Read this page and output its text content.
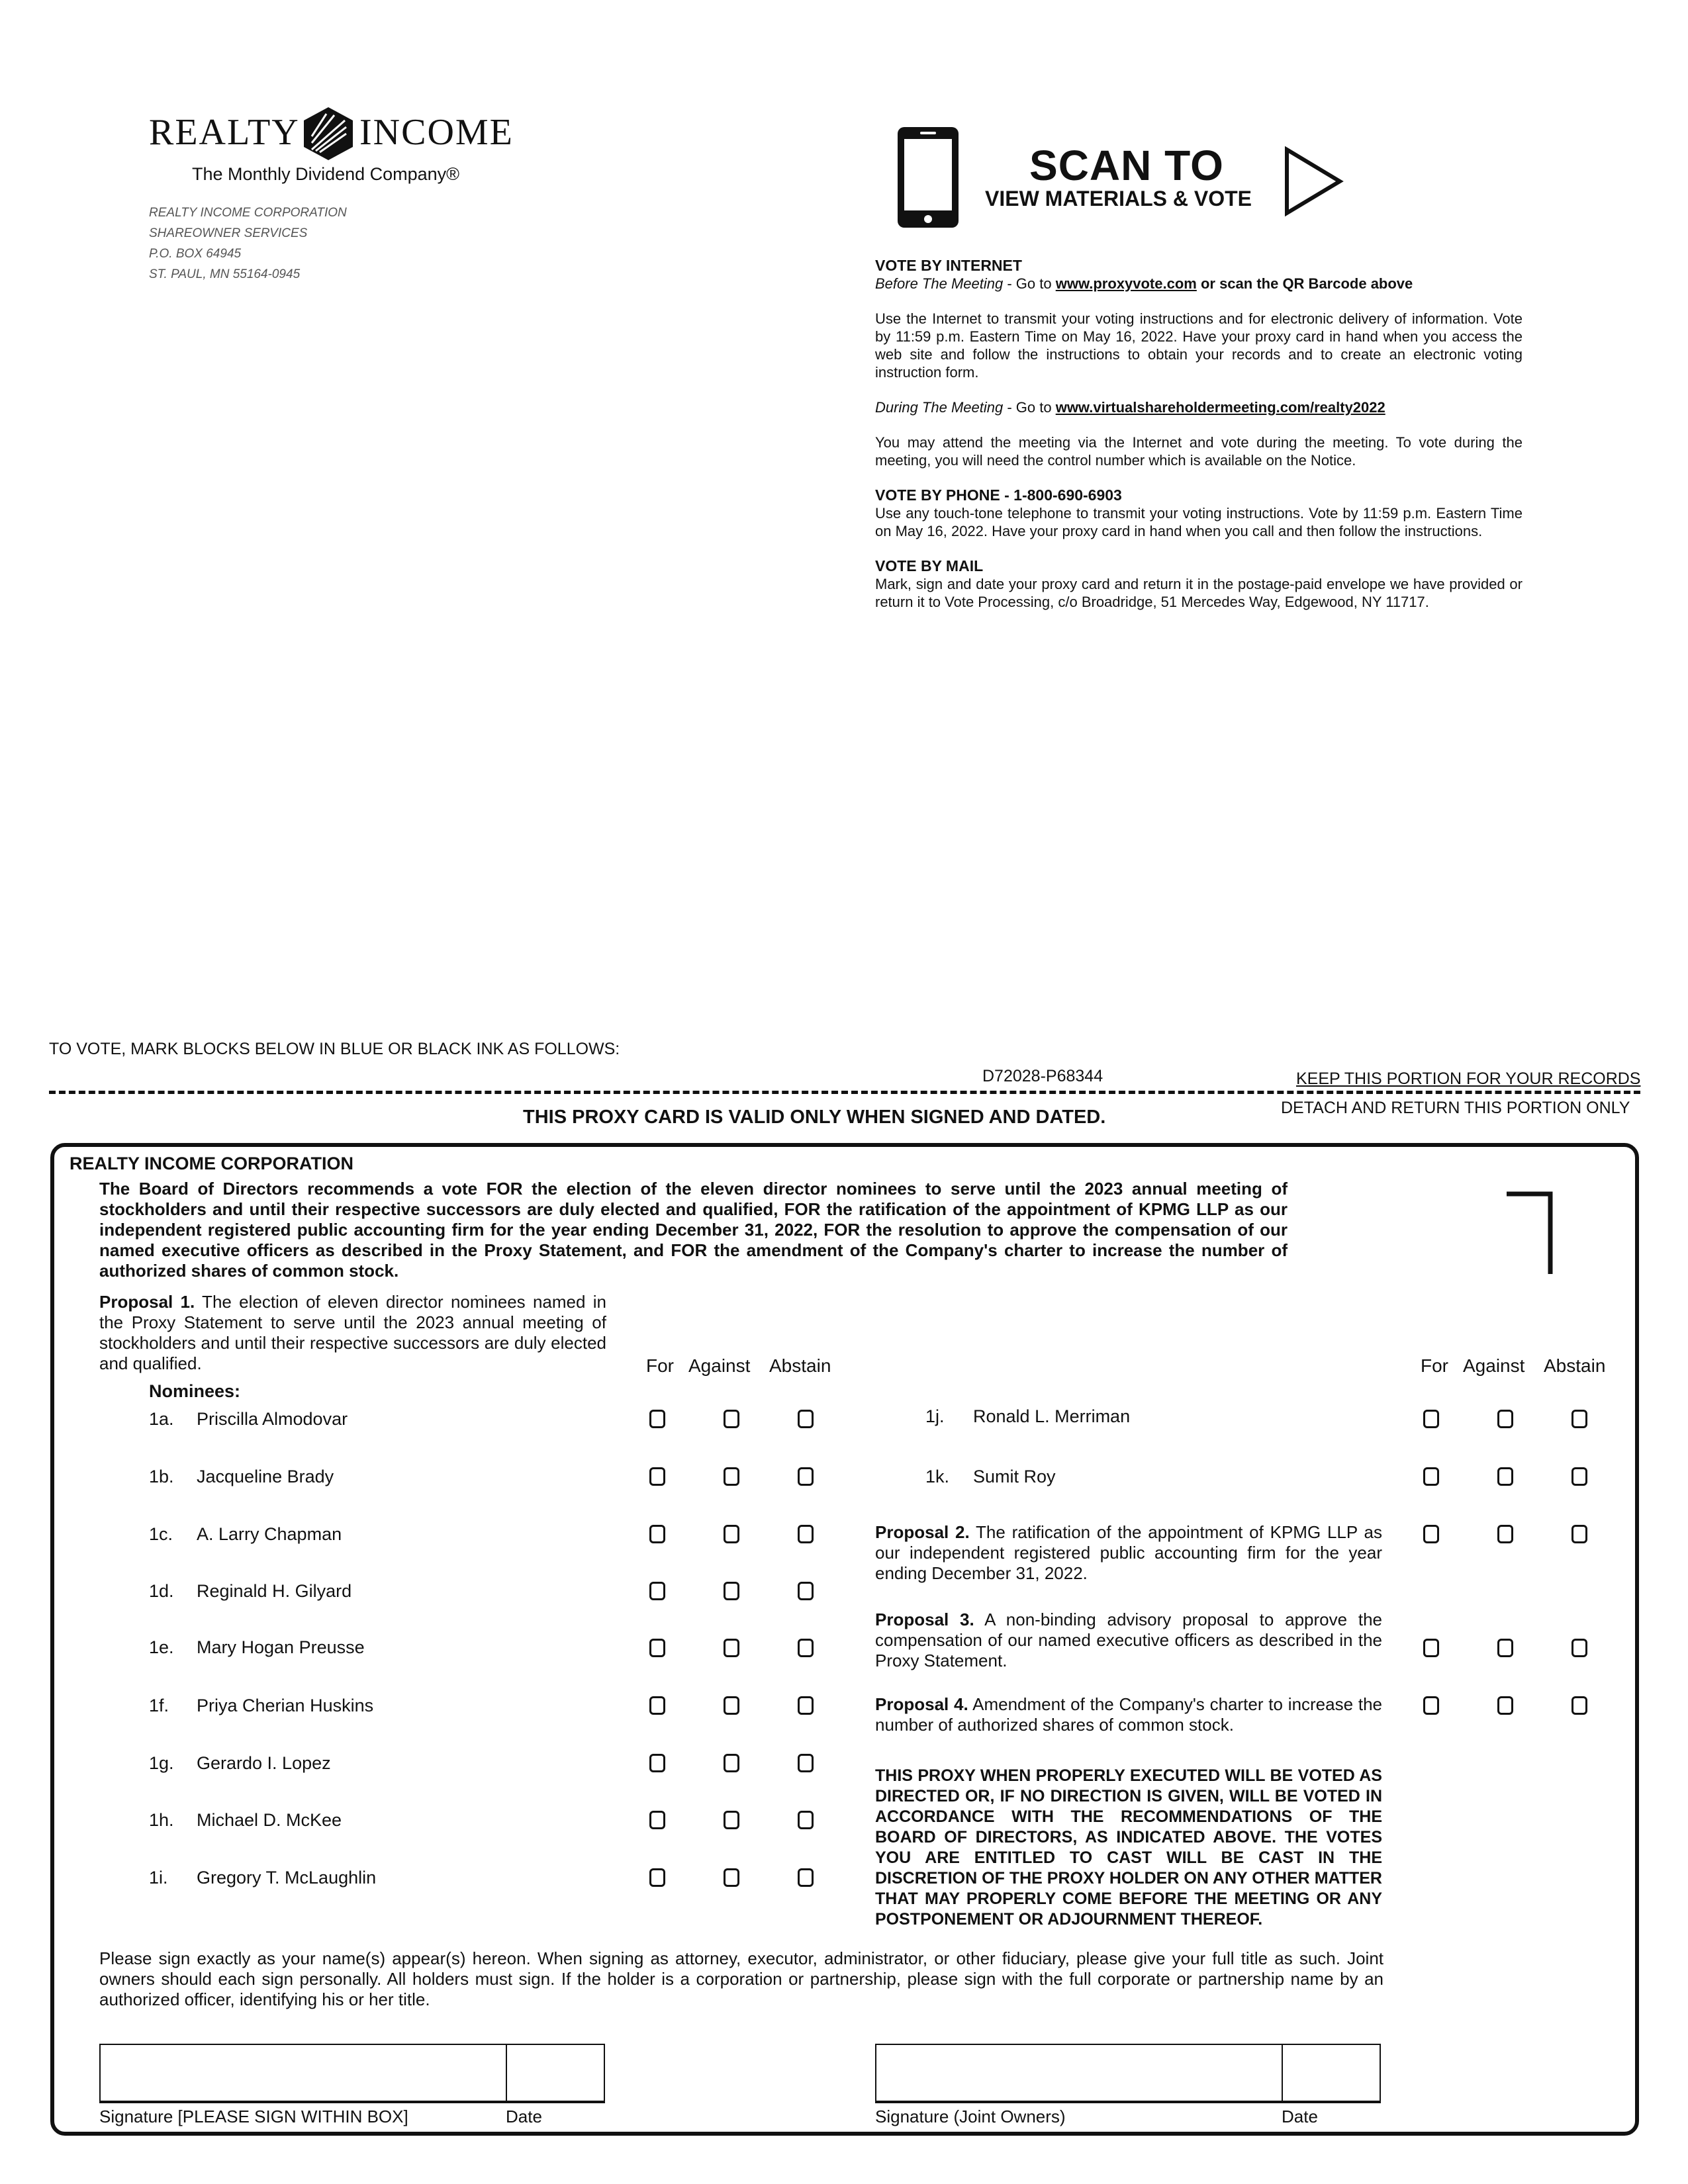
REALTY INCOME
The Monthly Dividend Company®
REALTY INCOME CORPORATION
SHAREOWNER SERVICES
P.O. BOX 64945
ST. PAUL, MN 55164-0945
SCAN TO
VIEW MATERIALS & VOTE
VOTE BY INTERNET

Before The Meeting - Go to www.proxyvote.com or scan the QR Barcode above

Use the Internet to transmit your voting instructions and for electronic delivery of information. Vote by 11:59 p.m. Eastern Time on May 16, 2022. Have your proxy card in hand when you access the web site and follow the instructions to obtain your records and to create an electronic voting instruction form.

During The Meeting - Go to www.virtualshareholdermeeting.com/realty2022

You may attend the meeting via the Internet and vote during the meeting. To vote during the meeting, you will need the control number which is available on the Notice.

VOTE BY PHONE - 1-800-690-6903

Use any touch-tone telephone to transmit your voting instructions. Vote by 11:59 p.m. Eastern Time on May 16, 2022. Have your proxy card in hand when you call and then follow the instructions.

VOTE BY MAIL

Mark, sign and date your proxy card and return it in the postage-paid envelope we have provided or return it to Vote Processing, c/o Broadridge, 51 Mercedes Way, Edgewood, NY 11717.

TO VOTE, MARK BLOCKS BELOW IN BLUE OR BLACK INK AS FOLLOWS:
D72028-P68344	KEEP THIS PORTION FOR YOUR RECORDS
THIS PROXY CARD IS VALID ONLY WHEN SIGNED AND DATED.	DETACH AND RETURN THIS PORTION ONLY
REALTY INCOME CORPORATION
The Board of Directors recommends a vote FOR the election of the eleven director nominees to serve until the 2023 annual meeting of stockholders and until their respective successors are duly elected and qualified, FOR the ratification of the appointment of KPMG LLP as our independent registered public accounting firm for the year ending December 31, 2022, FOR the resolution to approve the compensation of our named executive officers as described in the Proxy Statement, and FOR the amendment of the Company's charter to increase the number of authorized shares of common stock.
Proposal 1. The election of eleven director nominees named in the Proxy Statement to serve until the 2023 annual meeting of stockholders and until their respective successors are duly elected and qualified.	For Against Abstain	For Against Abstain
Nominees:
1a. Priscilla Almodovar
1b. Jacqueline Brady
1c. A. Larry Chapman
1d. Reginald H. Gilyard
1e. Mary Hogan Preusse
1f. Priya Cherian Huskins
1g. Gerardo I. Lopez
1h. Michael D. McKee
1i. Gregory T. McLaughlin
1j. Ronald L. Merriman
1k. Sumit Roy
Proposal 2. The ratification of the appointment of KPMG LLP as our independent registered public accounting firm for the year ending December 31, 2022.
Proposal 3. A non-binding advisory proposal to approve the compensation of our named executive officers as described in the Proxy Statement.
Proposal 4. Amendment of the Company's charter to increase the number of authorized shares of common stock.
THIS PROXY WHEN PROPERLY EXECUTED WILL BE VOTED AS DIRECTED OR, IF NO DIRECTION IS GIVEN, WILL BE VOTED IN ACCORDANCE WITH THE RECOMMENDATIONS OF THE BOARD OF DIRECTORS, AS INDICATED ABOVE. THE VOTES YOU ARE ENTITLED TO CAST WILL BE CAST IN THE DISCRETION OF THE PROXY HOLDER ON ANY OTHER MATTER THAT MAY PROPERLY COME BEFORE THE MEETING OR ANY POSTPONEMENT OR ADJOURNMENT THEREOF.
Please sign exactly as your name(s) appear(s) hereon. When signing as attorney, executor, administrator, or other fiduciary, please give your full title as such. Joint owners should each sign personally. All holders must sign. If the holder is a corporation or partnership, please sign with the full corporate or partnership name by an authorized officer, identifying his or her title.
Signature [PLEASE SIGN WITHIN BOX]	Date	Signature (Joint Owners)	Date
